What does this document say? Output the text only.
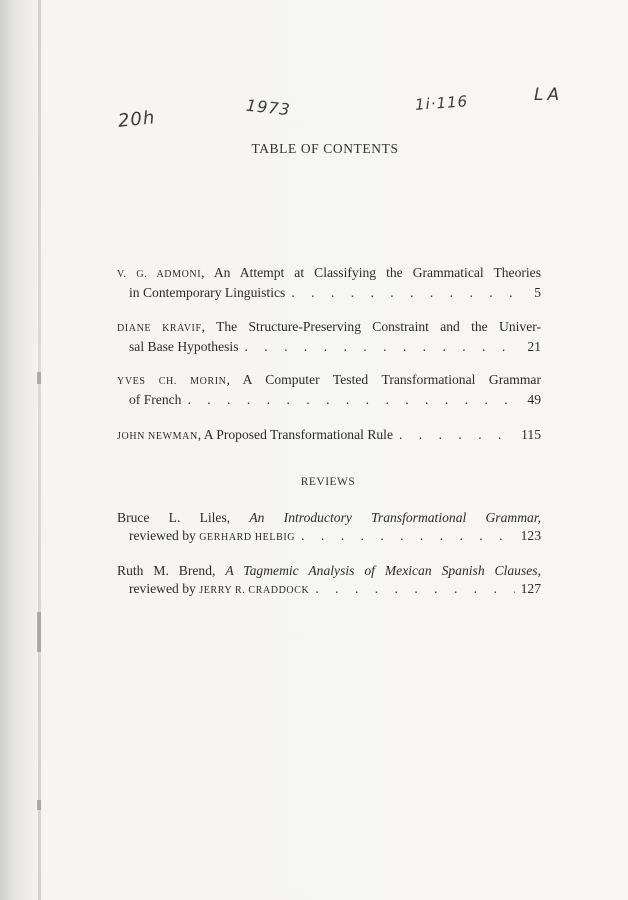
20h	1973	1i·116	LA
TABLE OF CONTENTS
V. G. ADMONI, An Attempt at Classifying the Grammatical Theories
in Contemporary Linguistics . . .	5
DIANE KRAVIF, The Structure-Preserving Constraint and the Univer-
sal Base Hypothesis . . .	21
YVES CH. MORIN, A Computer Tested Transformational Grammar
of French . . .	49
JOHN NEWMAN , A Proposed Transformational Rule . . .	115
REVIEWS
Bruce L. Liles, An Introductory Transformational Grammar,
reviewed by
GERHARD HELBIG . . .	123
Ruth M. Brend, A Tagmemic Analysis of Mexican Spanish Clauses,
reviewed by
JERRY R. CRADDOCK . . .	127
